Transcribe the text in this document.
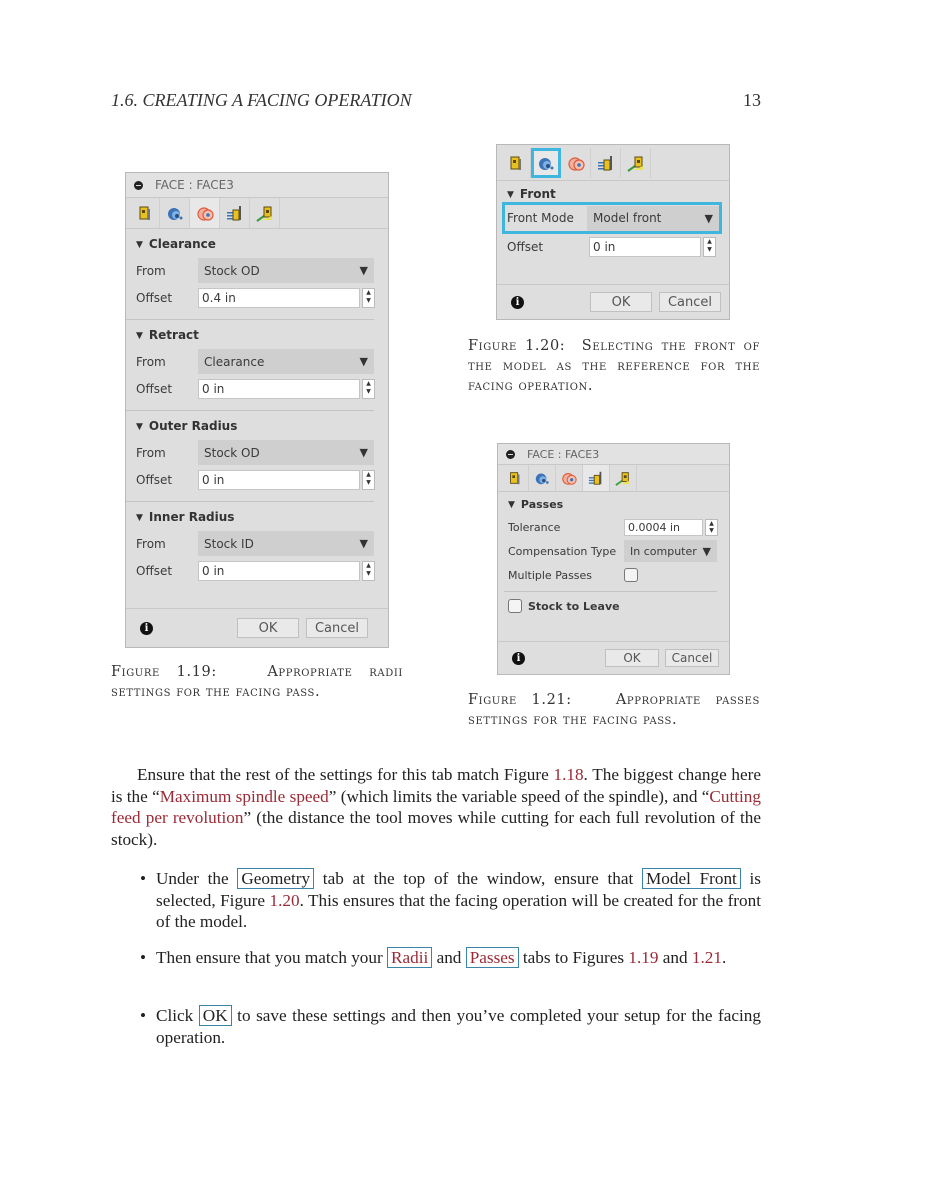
1.6. CREATING A FACING OPERATION	13
FACE : FACE3
▼ Clearance
From	Stock OD	▼
Offset	0.4 in	▲
▼
▼ Retract
From	Clearance	▼
Offset	0 in	▲
▼
▼ Outer Radius
From	Stock OD	▼
Offset	0 in	▲
▼
▼ Inner Radius
From	Stock ID	▼
Offset	0 in	▲
▼
i	OK	Cancel
Figure 1.19:	Appropriate radii settings for the facing pass.
▼ Front
Front Mode	Model front	▼
Offset	0 in	▲
▼
i	OK	Cancel
Figure 1.20: Selecting the front of the model as the reference for the facing operation.
FACE : FACE3
▼ Passes
Tolerance	0.0004 in	▲
▼
Compensation Type	In computer ▼
Multiple Passes
Stock to Leave
i	OK	Cancel
Figure 1.21:	Appropriate passes settings for the facing pass.
Ensure that the rest of the settings for this tab match Figure 1.18. The biggest change here is the “Maximum spindle speed” (which limits the variable speed of the spindle), and “Cutting feed per revolution” (the distance the tool moves while cutting for each full revolution of the stock).
• Under the Geometry tab at the top of the window, ensure that Model Front is selected, Figure 1.20. This ensures that the facing operation will be created for the front of the model.
• Then ensure that you match your Radii and Passes tabs to Figures 1.19 and 1.21.
• Click OK to save these settings and then you’ve completed your setup for the facing operation.
